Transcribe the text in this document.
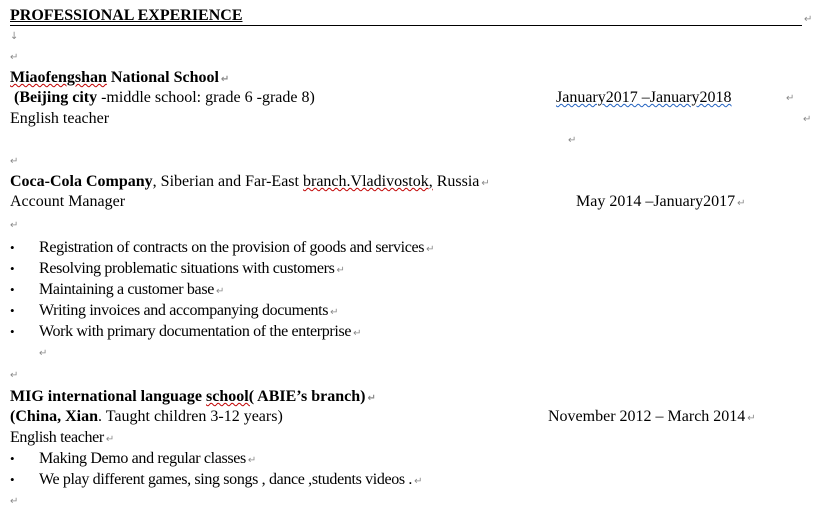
PROFESSIONAL EXPERIENCE	↵
↓
↵
Miaofengshan National School ↵
(Beijing city -middle school: grade 6 -grade 8)	January2017 –January2018	↵
English teacher	↵
↵
↵
Coca-Cola Company, Siberian and Far-East branch.Vladivostok, Russia ↵
Account Manager	May 2014 –January2017 ↵
↵
• Registration of contracts on the provision of goods and services ↵
• Resolving problematic situations with customers ↵
• Maintaining a customer base ↵
• Writing invoices and accompanying documents ↵
• Work with primary documentation of the enterprise ↵
↵
↵
MIG international language school( ABIE’s branch) ↵
(China, Xian. Taught children 3-12 years)	November 2012 – March 2014 ↵
English teacher ↵
• Making Demo and regular classes ↵
• We play different games, sing songs , dance ,students videos . ↵
↵
